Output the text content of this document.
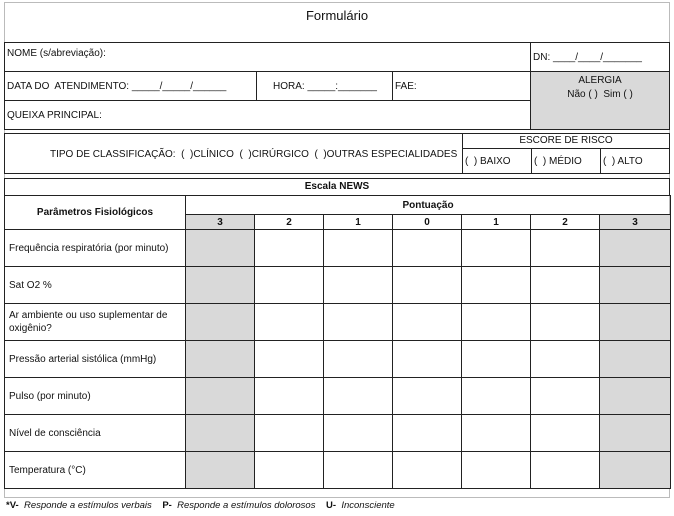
Formulário
NOME (s/abreviação):	DN: ____/____/_______
DATA DO  ATENDIMENTO: _____/_____/______	HORA: _____:_______ FAE:
ALERGIA
Não ( )  Sim ( )
QUEIXA PRINCIPAL:
TIPO DE CLASSIFICAÇÃO:  (  )CLÍNICO  (  )CIRÚRGICO  (  )OUTRAS ESPECIALIDADES
ESCORE DE RISCO
(  ) BAIXO (  ) MÉDIO (  ) ALTO
Escala NEWS
Parâmetros Fisiológicos	Pontuação						
	3	2	1	0	1	2	3
Frequência respiratória (por minuto)							
Sat O2 %							
Ar ambiente ou uso suplementar de oxigênio?							
Pressão arterial sistólica (mmHg)							
Pulso (por minuto)							
Nível de consciência							
Temperatura (°C)							
*V- Responde a estímulos verbais P- Responde a estímulos dolorosos U- Inconsciente
